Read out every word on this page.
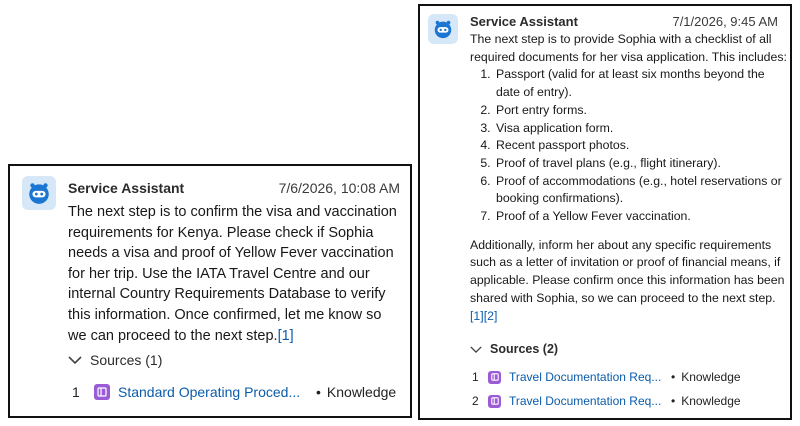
Service Assistant	7/6/2026, 10:08 AM
The next step is to confirm the visa and vaccination requirements for Kenya. Please check if Sophia needs a visa and proof of Yellow Fever vaccination for her trip. Use the IATA Travel Centre and our internal Country Requirements Database to verify this information. Once confirmed, let me know so we can proceed to the next step.[1]
Sources (1)
1	Standard Operating Proced...	• Knowledge
Service Assistant	7/1/2026, 9:45 AM
The next step is to provide Sophia with a checklist of all required documents for her visa application. This includes:
1. Passport (valid for at least six months beyond the date of entry).
2. Port entry forms.
3. Visa application form.
4. Recent passport photos.
5. Proof of travel plans (e.g., flight itinerary).
6. Proof of accommodations (e.g., hotel reservations or booking confirmations).
7. Proof of a Yellow Fever vaccination.
Additionally, inform her about any specific requirements such as a letter of invitation or proof of financial means, if applicable. Please confirm once this information has been shared with Sophia, so we can proceed to the next step.
[1][2]
Sources (2)
1	Travel Documentation Req... • Knowledge
2	Travel Documentation Req... • Knowledge
